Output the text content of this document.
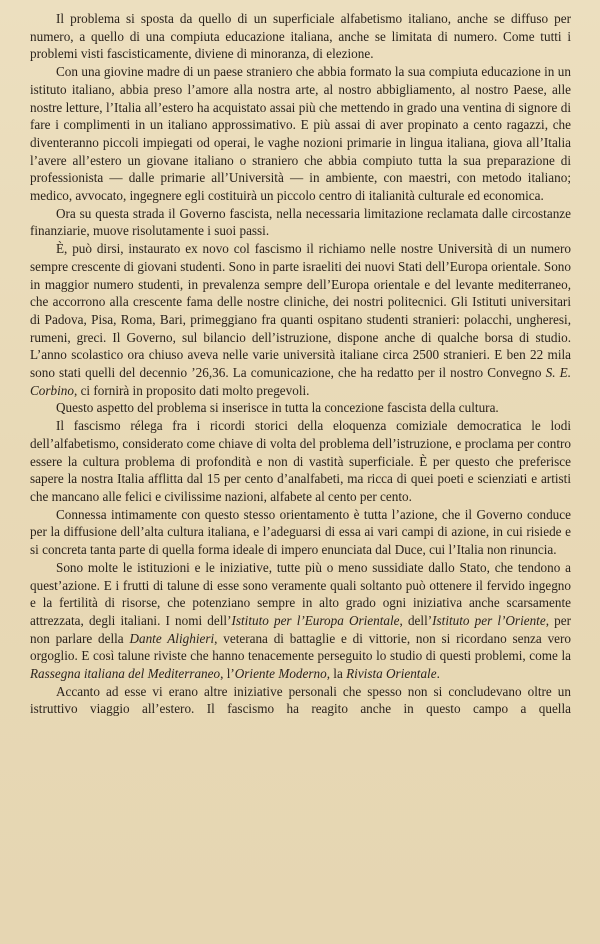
Il problema si sposta da quello di un superficiale alfabetismo italiano, anche se diffuso per numero, a quello di una compiuta educazione italiana, anche se limitata di numero. Come tutti i problemi visti fascisticamente, diviene di minoranza, di elezione.

Con una giovine madre di un paese straniero che abbia formato la sua compiuta educazione in un istituto italiano, abbia preso l’amore alla nostra arte, al nostro abbigliamento, al nostro Paese, alle nostre letture, l’Italia all’estero ha acquistato assai più che mettendo in grado una ventina di signore di fare i complimenti in un italiano approssimativo. E più assai di aver propinato a cento ragazzi, che diventeranno piccoli impiegati od operai, le vaghe nozioni primarie in lingua italiana, giova all’Italia l’avere all’estero un giovane italiano o straniero che abbia compiuto tutta la sua preparazione di professionista — dalle primarie all’Università — in ambiente, con maestri, con metodo italiano; medico, avvocato, ingegnere egli costituirà un piccolo centro di italianità culturale ed economica.

Ora su questa strada il Governo fascista, nella necessaria limitazione reclamata dalle circostanze finanziarie, muove risolutamente i suoi passi.

È, può dirsi, instaurato ex novo col fascismo il richiamo nelle nostre Università di un numero sempre crescente di giovani studenti. Sono in parte israeliti dei nuovi Stati dell’Europa orientale. Sono in maggior numero studenti, in prevalenza sempre dell’Europa orientale e del levante mediterraneo, che accorrono alla crescente fama delle nostre cliniche, dei nostri politecnici. Gli Istituti universitari di Padova, Pisa, Roma, Bari, primeggiano fra quanti ospitano studenti stranieri: polacchi, ungheresi, rumeni, greci. Il Governo, sul bilancio dell’istruzione, dispone anche di qualche borsa di studio. L’anno scolastico ora chiuso aveva nelle varie università italiane circa 2500 stranieri. E ben 22 mila sono stati quelli del decennio ’26,36. La comunicazione, che ha redatto per il nostro Convegno S. E. Corbino, ci fornirà in proposito dati molto pregevoli.

Questo aspetto del problema si inserisce in tutta la concezione fascista della cultura.

Il fascismo rélega fra i ricordi storici della eloquenza comiziale democratica le lodi dell’alfabetismo, considerato come chiave di volta del problema dell’istruzione, e proclama per contro essere la cultura problema di profondità e non di vastità superficiale. È per questo che preferisce sapere la nostra Italia afflitta dal 15 per cento d’analfabeti, ma ricca di quei poeti e scienziati e artisti che mancano alle felici e civilissime nazioni, alfabete al cento per cento.

Connessa intimamente con questo stesso orientamento è tutta l’azione, che il Governo conduce per la diffusione dell’alta cultura italiana, e l’adeguarsi di essa ai vari campi di azione, in cui risiede e si concreta tanta parte di quella forma ideale di impero enunciata dal Duce, cui l’Italia non rinuncia.

Sono molte le istituzioni e le iniziative, tutte più o meno sussidiate dallo Stato, che tendono a quest’azione. E i frutti di talune di esse sono veramente quali soltanto può ottenere il fervido ingegno e la fertilità di risorse, che potenziano sempre in alto grado ogni iniziativa anche scarsamente attrezzata, degli italiani. I nomi dell’Istituto per l’Europa Orientale, dell’Istituto per l’Oriente, per non parlare della Dante Alighieri, veterana di battaglie e di vittorie, non si ricordano senza vero orgoglio. E così talune riviste che hanno tenacemente perseguito lo studio di questi problemi, come la Rassegna italiana del Mediterraneo, l’Oriente Moderno, la Rivista Orientale.

Accanto ad esse vi erano altre iniziative personali che spesso non si concludevano oltre un istruttivo viaggio all’estero. Il fascismo ha reagito anche in questo campo a quella
